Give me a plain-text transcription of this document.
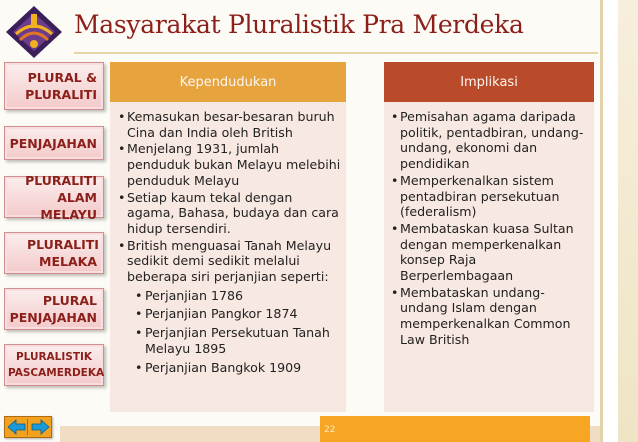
Masyarakat Pluralistik Pra Merdeka
PLURAL & PLURALITI
PENJAJAHAN
PLURALITI ALAM MELAYU
PLURALITI MELAKA
PLURAL PENJAJAHAN
PLURALISTIK PASCAMERDEKA
Kependudukan
• Kemasukan besar-besaran buruh Cina dan India oleh British
• Menjelang 1931, jumlah penduduk bukan Melayu melebihi penduduk Melayu
• Setiap kaum tekal dengan agama, Bahasa, budaya dan cara hidup tersendiri.
• British menguasai Tanah Melayu sedikit demi sedikit melalui beberapa siri perjanjian seperti:
• Perjanjian 1786
• Perjanjian Pangkor 1874
• Perjanjian Persekutuan Tanah Melayu 1895
• Perjanjian Bangkok 1909
Implikasi
• Pemisahan agama daripada politik, pentadbiran, undang-undang, ekonomi dan pendidikan
• Memperkenalkan sistem pentadbiran persekutuan (federalism)
• Membataskan kuasa Sultan dengan memperkenalkan konsep Raja Berperlembagaan
• Membataskan undang-undang Islam dengan memperkenalkan Common Law British
22
